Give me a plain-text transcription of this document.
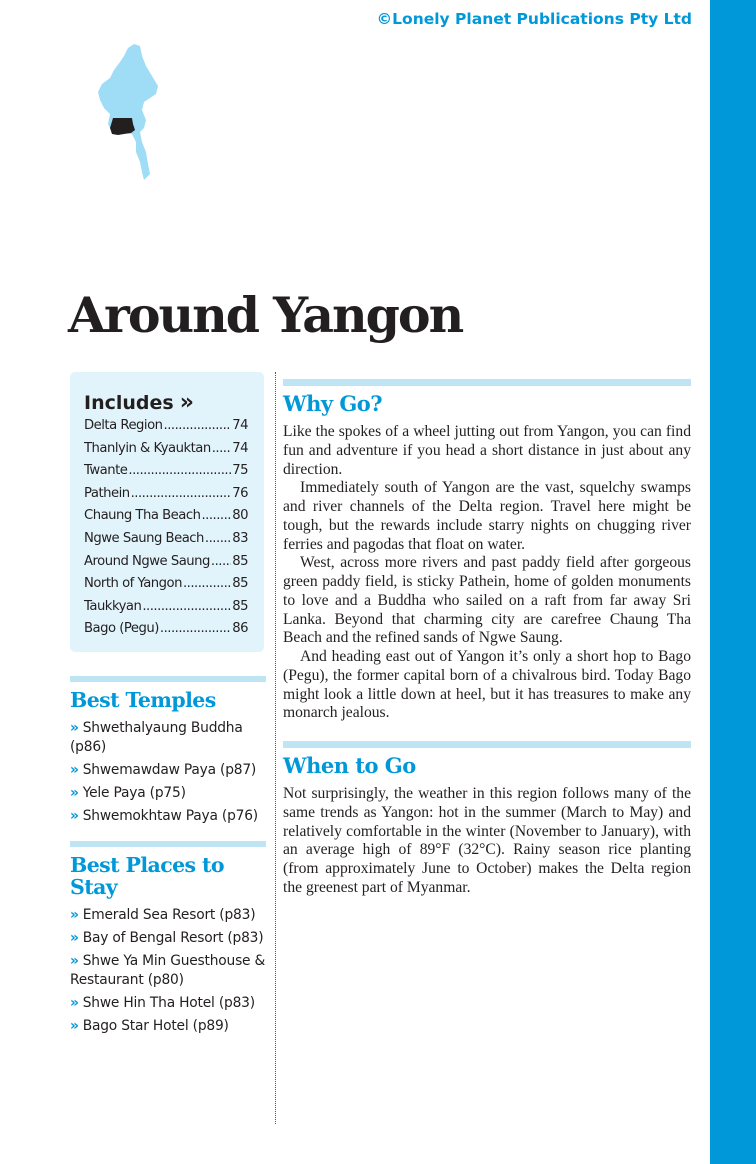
©Lonely Planet Publications Pty Ltd
Around Yangon
Includes »
Delta Region .....	74
Thanlyin & Kyauktan ..... 74
Twante .....	75
Pathein .....	76
Chaung Tha Beach ..... 80
Ngwe Saung Beach ..... 83
Around Ngwe Saung ..... 85
North of Yangon .....	85
Taukkyan .....	85
Bago (Pegu) .....	86
Best Temples
» Shwethalyaung Buddha (p86)
» Shwemawdaw Paya (p87)
» Yele Paya (p75)
» Shwemokhtaw Paya (p76)
Best Places to Stay
» Emerald Sea Resort (p83)
» Bay of Bengal Resort (p83)
» Shwe Ya Min Guesthouse & Restaurant (p80)
» Shwe Hin Tha Hotel (p83)
» Bago Star Hotel (p89)
Why Go?

Like the spokes of a wheel jutting out from Yangon, you can find fun and adventure if you head a short distance in just about any direction.

Immediately south of Yangon are the vast, squelchy swamps and river channels of the Delta region. Travel here might be tough, but the rewards include starry nights on chugging river ferries and pagodas that float on water.

West, across more rivers and past paddy field after gorgeous green paddy field, is sticky Pathein, home of golden monuments to love and a Buddha who sailed on a raft from far away Sri Lanka. Beyond that charming city are carefree Chaung Tha Beach and the refined sands of Ngwe Saung.

And heading east out of Yangon it’s only a short hop to Bago (Pegu), the former capital born of a chivalrous bird. Today Bago might look a little down at heel, but it has treasures to make any monarch jealous.

When to Go

Not surprisingly, the weather in this region follows many of the same trends as Yangon: hot in the summer (March to May) and relatively comfortable in the winter (November to January), with an average high of 89°F (32°C). Rainy season rice planting (from approximately June to October) makes the Delta region the greenest part of Myanmar.
